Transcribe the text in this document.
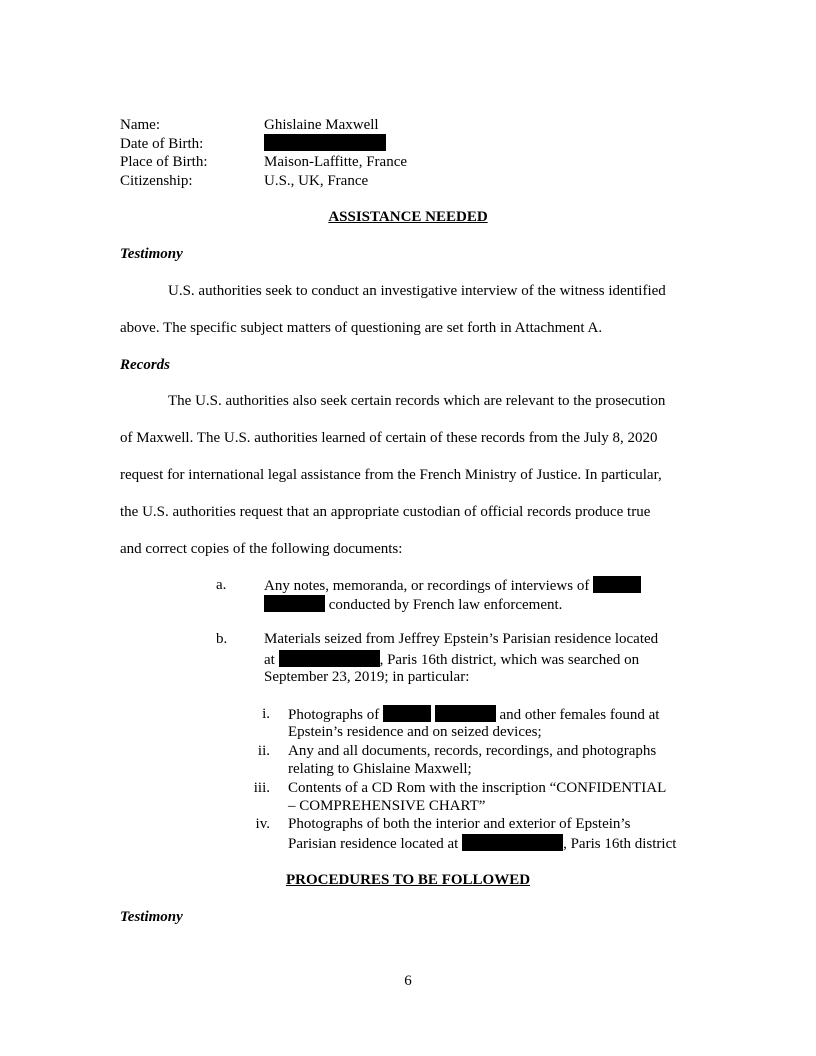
Name:	Ghislaine Maxwell
Date of Birth:
Place of Birth:	Maison-Laffitte, France
Citizenship:	U.S., UK, France
ASSISTANCE NEEDED
Testimony
U.S. authorities seek to conduct an investigative interview of the witness identified
above. The specific subject matters of questioning are set forth in Attachment A.
Records
The U.S. authorities also seek certain records which are relevant to the prosecution
of Maxwell. The U.S. authorities learned of certain of these records from the July 8, 2020
request for international legal assistance from the French Ministry of Justice. In particular,
the U.S. authorities request that an appropriate custodian of official records produce true
and correct copies of the following documents:
a.	Any notes, memoranda, or recordings of interviews of
conducted by French law enforcement.
b. Materials seized from Jeffrey Epstein’s Parisian residence located
at	, Paris 16th district, which was searched on
September 23, 2019; in particular:
i. Photographs of	and other females found at
Epstein’s residence and on seized devices;
ii. Any and all documents, records, recordings, and photographs
relating to Ghislaine Maxwell;
iii. Contents of a CD Rom with the inscription “CONFIDENTIAL
– COMPREHENSIVE CHART”
iv. Photographs of both the interior and exterior of Epstein’s
Parisian residence located at	, Paris 16th district
PROCEDURES TO BE FOLLOWED
Testimony
6
